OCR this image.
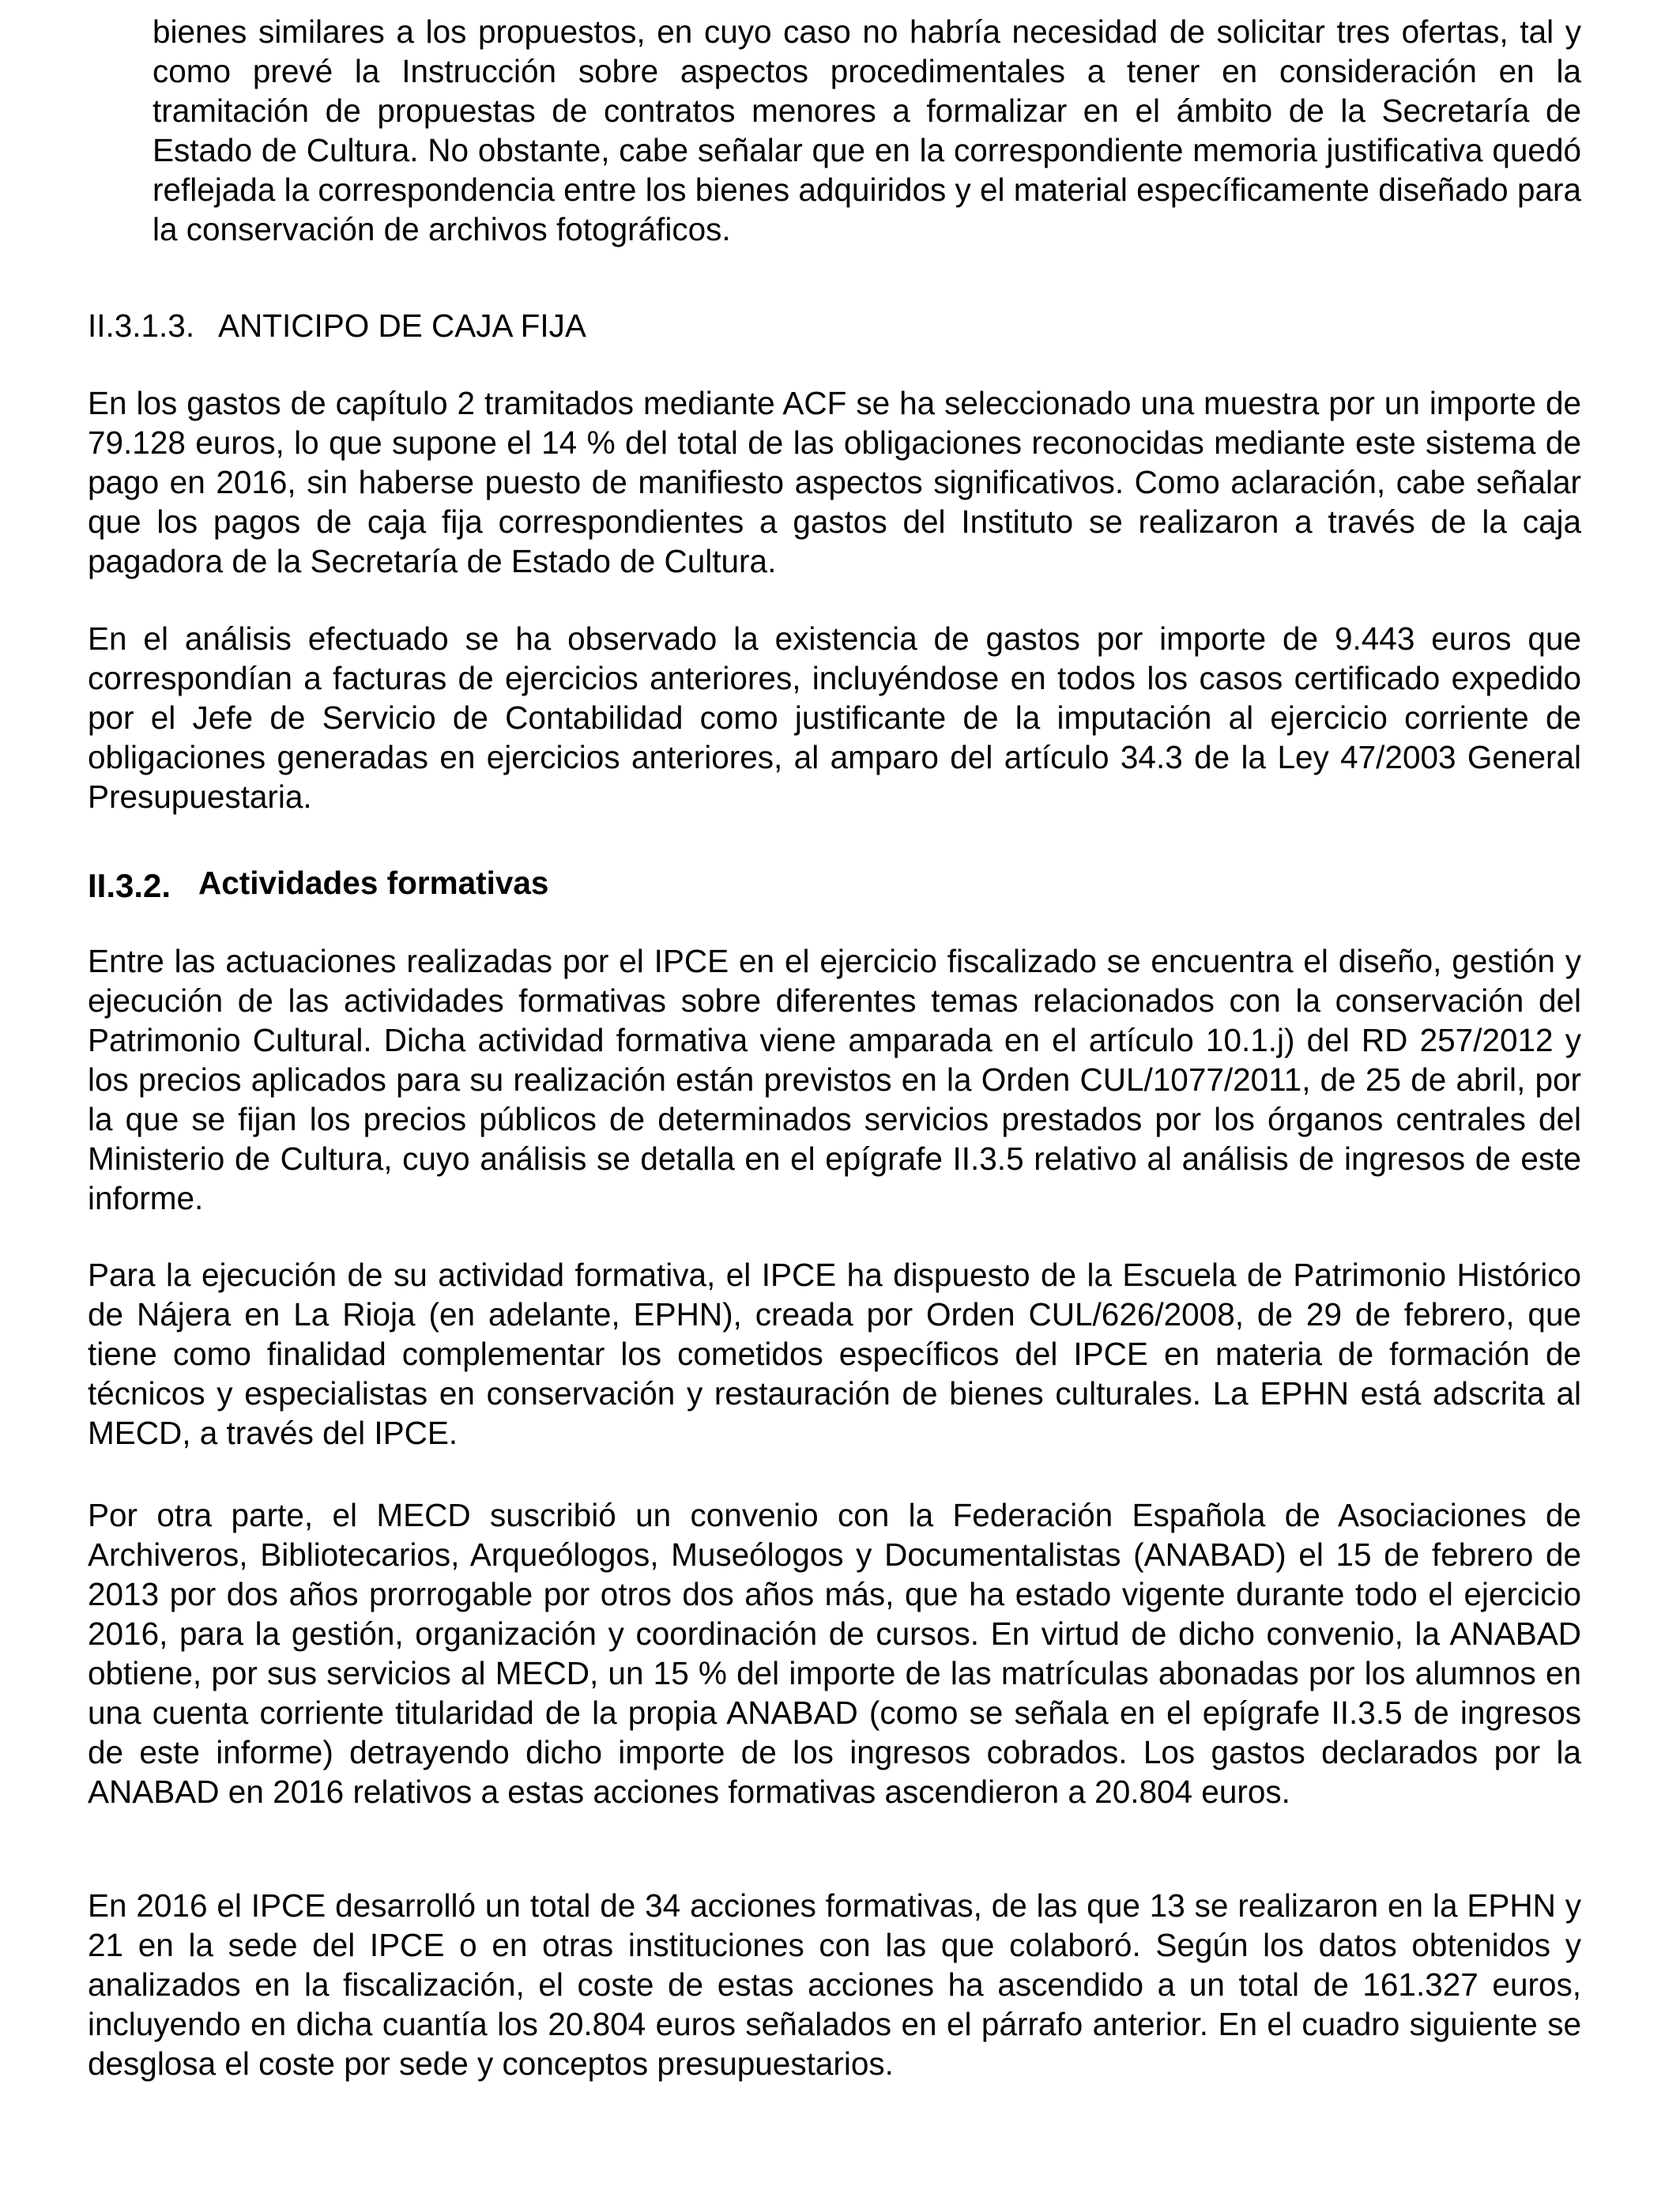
bienes similares a los propuestos, en cuyo caso no habría necesidad de solicitar tres ofertas, tal y como prevé la Instrucción sobre aspectos procedimentales a tener en consideración en la tramitación de propuestas de contratos menores a formalizar en el ámbito de la Secretaría de Estado de Cultura. No obstante, cabe señalar que en la correspondiente memoria justificativa quedó reflejada la correspondencia entre los bienes adquiridos y el material específicamente diseñado para la conservación de archivos fotográficos.

II.3.1.3. ANTICIPO DE CAJA FIJA

En los gastos de capítulo 2 tramitados mediante ACF se ha seleccionado una muestra por un importe de 79.128 euros, lo que supone el 14 % del total de las obligaciones reconocidas mediante este sistema de pago en 2016, sin haberse puesto de manifiesto aspectos significativos. Como aclaración, cabe señalar que los pagos de caja fija correspondientes a gastos del Instituto se realizaron a través de la caja pagadora de la Secretaría de Estado de Cultura.

En el análisis efectuado se ha observado la existencia de gastos por importe de 9.443 euros que correspondían a facturas de ejercicios anteriores, incluyéndose en todos los casos certificado expedido por el Jefe de Servicio de Contabilidad como justificante de la imputación al ejercicio corriente de obligaciones generadas en ejercicios anteriores, al amparo del artículo 34.3 de la Ley 47/2003 General Presupuestaria.

II.3.2. Actividades formativas

Entre las actuaciones realizadas por el IPCE en el ejercicio fiscalizado se encuentra el diseño, gestión y ejecución de las actividades formativas sobre diferentes temas relacionados con la conservación del Patrimonio Cultural. Dicha actividad formativa viene amparada en el artículo 10.1.j) del RD 257/2012 y los precios aplicados para su realización están previstos en la Orden CUL/1077/2011, de 25 de abril, por la que se fijan los precios públicos de determinados servicios prestados por los órganos centrales del Ministerio de Cultura, cuyo análisis se detalla en el epígrafe II.3.5 relativo al análisis de ingresos de este informe.

Para la ejecución de su actividad formativa, el IPCE ha dispuesto de la Escuela de Patrimonio Histórico de Nájera en La Rioja (en adelante, EPHN), creada por Orden CUL/626/2008, de 29 de febrero, que tiene como finalidad complementar los cometidos específicos del IPCE en materia de formación de técnicos y especialistas en conservación y restauración de bienes culturales. La EPHN está adscrita al MECD, a través del IPCE.

Por otra parte, el MECD suscribió un convenio con la Federación Española de Asociaciones de Archiveros, Bibliotecarios, Arqueólogos, Museólogos y Documentalistas (ANABAD) el 15 de febrero de 2013 por dos años prorrogable por otros dos años más, que ha estado vigente durante todo el ejercicio 2016, para la gestión, organización y coordinación de cursos. En virtud de dicho convenio, la ANABAD obtiene, por sus servicios al MECD, un 15 % del importe de las matrículas abonadas por los alumnos en una cuenta corriente titularidad de la propia ANABAD (como se señala en el epígrafe II.3.5 de ingresos de este informe) detrayendo dicho importe de los ingresos cobrados. Los gastos declarados por la ANABAD en 2016 relativos a estas acciones formativas ascendieron a 20.804 euros.

En 2016 el IPCE desarrolló un total de 34 acciones formativas, de las que 13 se realizaron en la EPHN y 21 en la sede del IPCE o en otras instituciones con las que colaboró. Según los datos obtenidos y analizados en la fiscalización, el coste de estas acciones ha ascendido a un total de 161.327 euros, incluyendo en dicha cuantía los 20.804 euros señalados en el párrafo anterior. En el cuadro siguiente se desglosa el coste por sede y conceptos presupuestarios.
